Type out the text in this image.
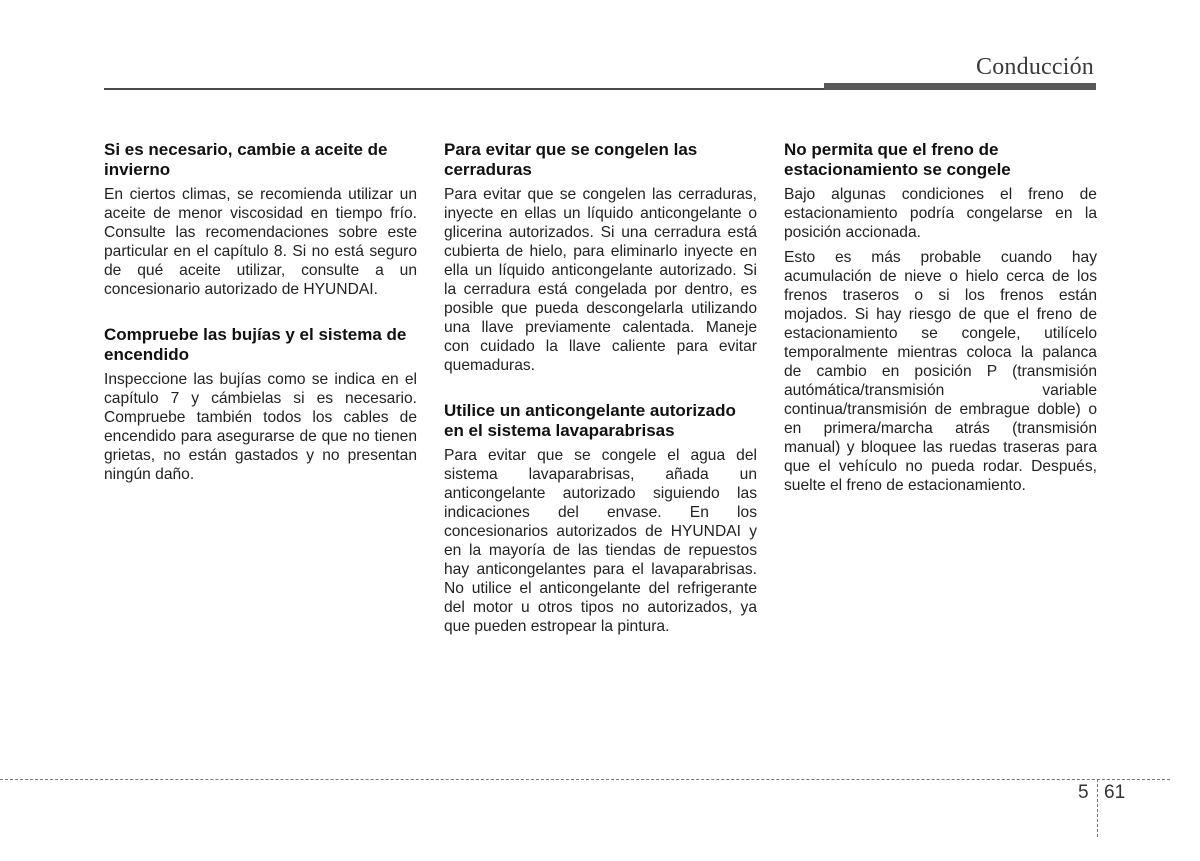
Conducción
Si es necesario, cambie a aceite de invierno

En ciertos climas, se recomienda utilizar un aceite de menor viscosidad en tiempo frío. Consulte las recomendaciones sobre este particular en el capítulo 8. Si no está seguro de qué aceite utilizar, consulte a un concesionario autorizado de HYUNDAI.

Compruebe las bujías y el sistema de encendido

Inspeccione las bujías como se indica en el capítulo 7 y cámbielas si es necesario. Compruebe también todos los cables de encendido para asegurarse de que no tienen grietas, no están gastados y no presentan ningún daño.

Para evitar que se congelen las cerraduras

Para evitar que se congelen las cerraduras, inyecte en ellas un líquido anticongelante o glicerina autorizados. Si una cerradura está cubierta de hielo, para eliminarlo inyecte en ella un líquido anticongelante autorizado. Si la cerradura está congelada por dentro, es posible que pueda descongelarla utilizando una llave previamente calentada. Maneje con cuidado la llave caliente para evitar quemaduras.

Utilice un anticongelante autorizado en el sistema lavaparabrisas

Para evitar que se congele el agua del sistema lavaparabrisas, añada un anticongelante autorizado siguiendo las indicaciones del envase. En los concesionarios autorizados de HYUNDAI y en la mayoría de las tiendas de repuestos hay anticongelantes para el lavaparabrisas. No utilice el anticongelante del refrigerante del motor u otros tipos no autorizados, ya que pueden estropear la pintura.

No permita que el freno de estacionamiento se congele

Bajo algunas condiciones el freno de estacionamiento podría congelarse en la posición accionada.

Esto es más probable cuando hay acumulación de nieve o hielo cerca de los frenos traseros o si los frenos están mojados. Si hay riesgo de que el freno de estacionamiento se congele, utilícelo temporalmente mientras coloca la palanca de cambio en posición P (transmisión autómática/transmisión variable continua/transmisión de embrague doble) o en primera/marcha atrás (transmisión manual) y bloquee las ruedas traseras para que el vehículo no pueda rodar. Después, suelte el freno de estacionamiento.

5 61
